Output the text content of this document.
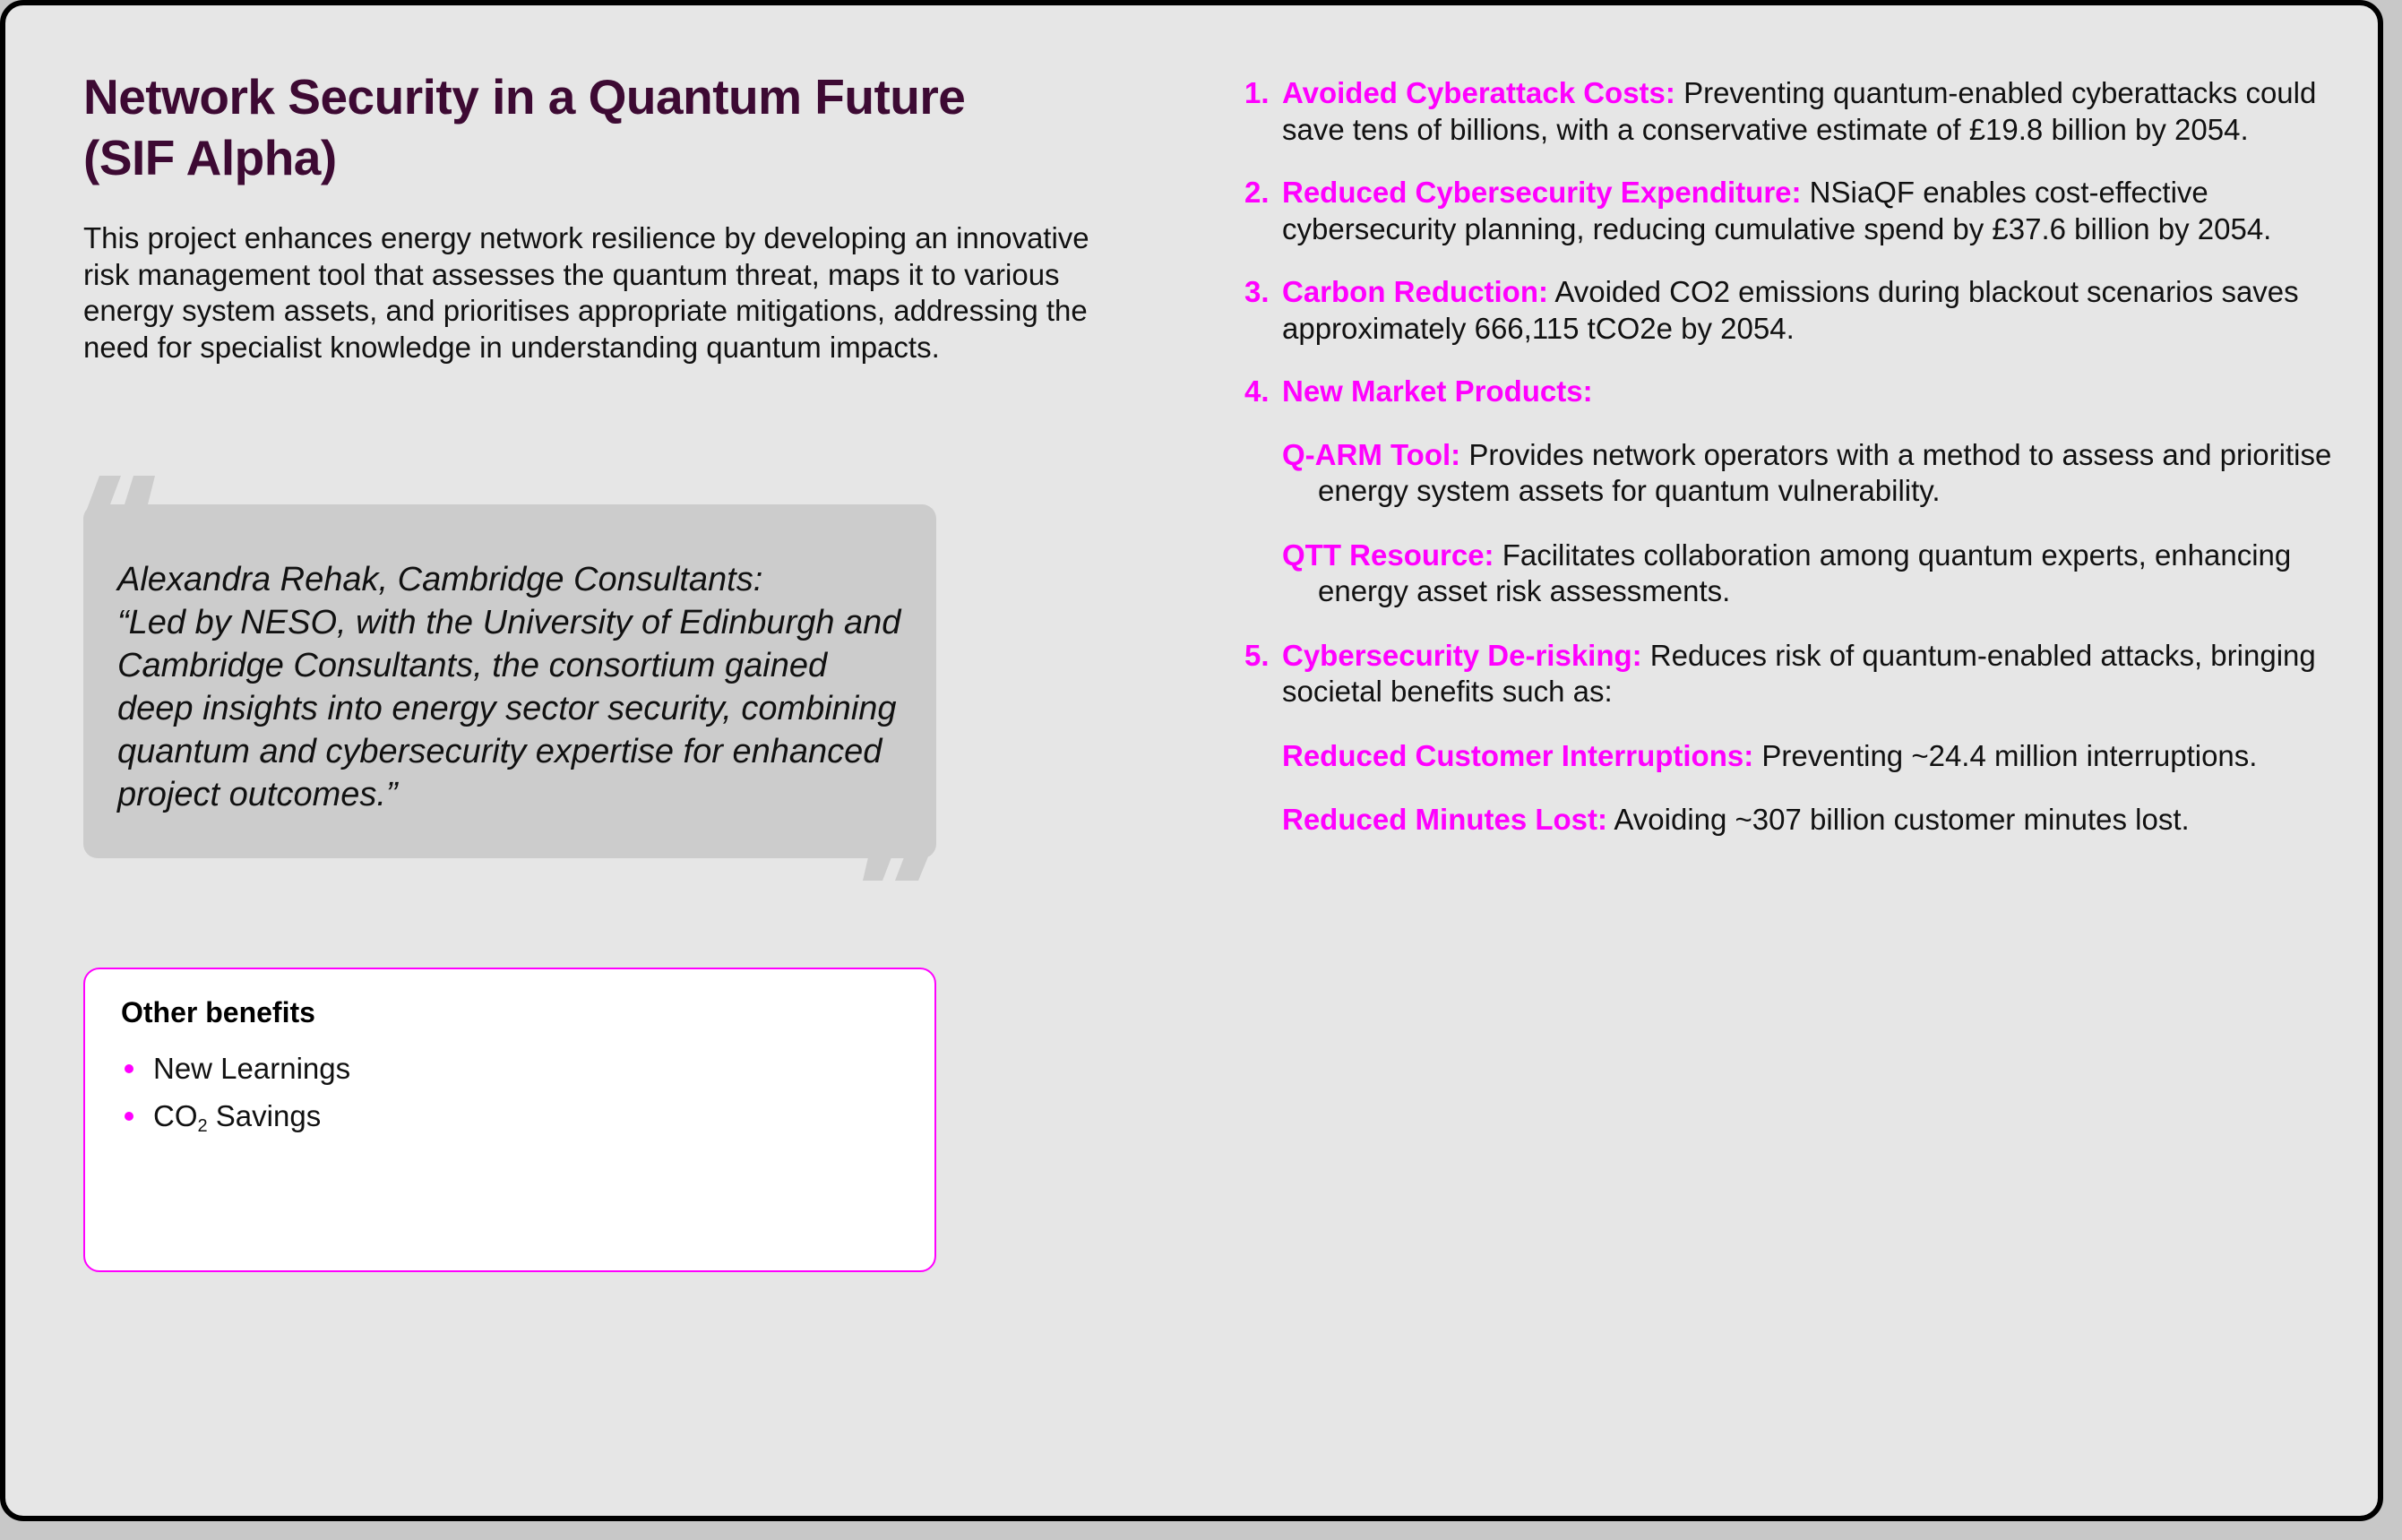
Network Security in a Quantum Future
(SIF Alpha)

This project enhances energy network resilience by developing an innovative risk management tool that assesses the quantum threat, maps it to various energy system assets, and prioritises appropriate mitigations, addressing the need for specialist knowledge in understanding quantum impacts.

Alexandra Rehak, Cambridge Consultants:
“Led by NESO, with the University of Edinburgh and Cambridge Consultants, the consortium gained deep insights into energy sector security, combining quantum and cybersecurity expertise for enhanced project outcomes.”

Other benefits
New Learnings
$CO_2$ Savings
1. Avoided Cyberattack Costs: Preventing quantum-enabled cyberattacks could save tens of billions, with a conservative estimate of £19.8 billion by 2054.
2. Reduced Cybersecurity Expenditure: NSiaQF enables cost-effective cybersecurity planning, reducing cumulative spend by £37.6 billion by 2054.
3. Carbon Reduction: Avoided CO2 emissions during blackout scenarios saves approximately 666,115 tCO2e by 2054.
4. New Market Products:
Q-ARM Tool: Provides network operators with a method to assess and prioritise energy system assets for quantum vulnerability.
QTT Resource: Facilitates collaboration among quantum experts, enhancing energy asset risk assessments.
5. Cybersecurity De-risking: Reduces risk of quantum-enabled attacks, bringing societal benefits such as:
Reduced Customer Interruptions: Preventing ~24.4 million interruptions.
Reduced Minutes Lost: Avoiding ~307 billion customer minutes lost.
